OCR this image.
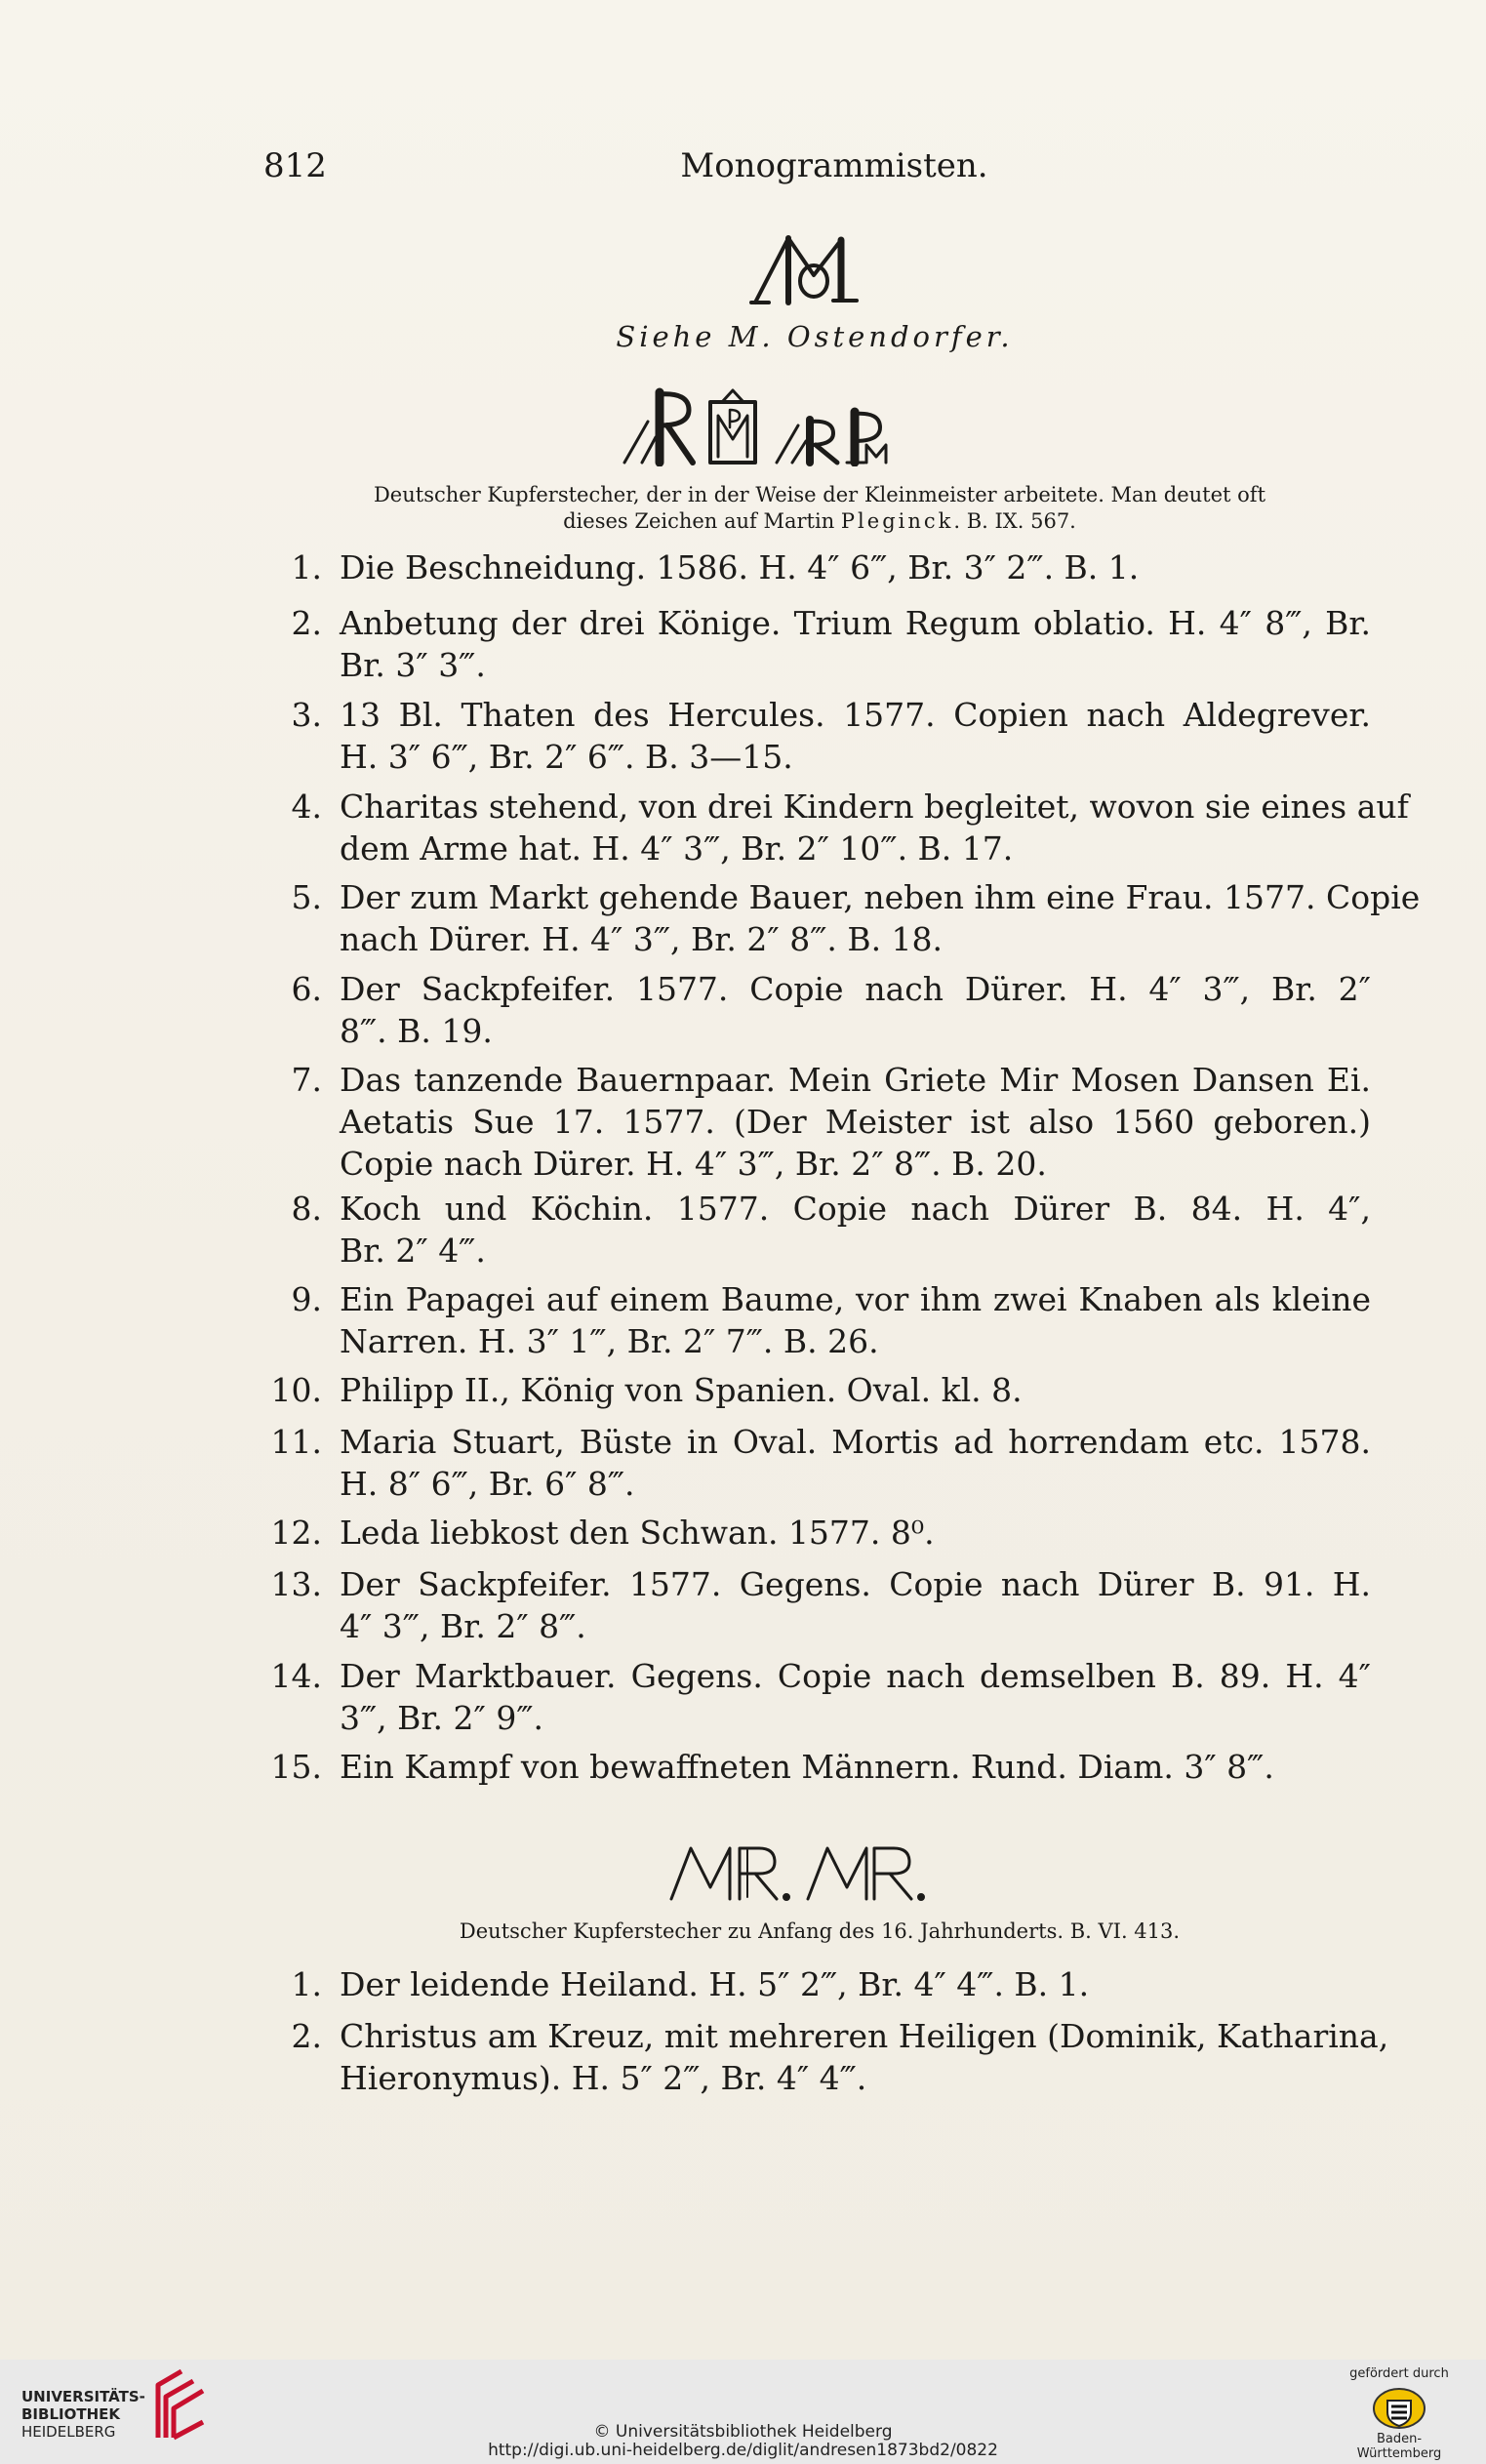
812	Monogrammisten.
Siehe M. Ostendorfer.
Deutscher Kupferstecher, der in der Weise der Kleinmeister arbeitete. Man deutet oft
dieses Zeichen auf Martin Pleginck. B. IX. 567.
1. Die Beschneidung. 1586. H. 4″ 6‴, Br. 3″ 2‴. B. 1.
2. Anbetung der drei Könige. Trium Regum oblatio. H. 4″ 8‴, Br.
Br. 3″ 3‴.
3. 13 Bl. Thaten des Hercules. 1577. Copien nach Aldegrever.
H. 3″ 6‴, Br. 2″ 6‴. B. 3—15.
4. Charitas stehend, von drei Kindern begleitet, wovon sie eines auf
dem Arme hat. H. 4″ 3‴, Br. 2″ 10‴. B. 17.
5. Der zum Markt gehende Bauer, neben ihm eine Frau. 1577. Copie
nach Dürer. H. 4″ 3‴, Br. 2″ 8‴. B. 18.
6. Der Sackpfeifer. 1577. Copie nach Dürer. H. 4″ 3‴, Br. 2″
8‴. B. 19.
7. Das tanzende Bauernpaar. Mein Griete Mir Mosen Dansen Ei.
Aetatis Sue 17. 1577. (Der Meister ist also 1560 geboren.)
Copie nach Dürer. H. 4″ 3‴, Br. 2″ 8‴. B. 20.
8. Koch und Köchin. 1577. Copie nach Dürer B. 84. H. 4″,
Br. 2″ 4‴.
9. Ein Papagei auf einem Baume, vor ihm zwei Knaben als kleine
Narren. H. 3″ 1‴, Br. 2″ 7‴. B. 26.
10. Philipp II., König von Spanien. Oval. kl. 8.
11. Maria Stuart, Büste in Oval. Mortis ad horrendam etc. 1578.
H. 8″ 6‴, Br. 6″ 8‴.
12. Leda liebkost den Schwan. 1577. 8⁰.
13. Der Sackpfeifer. 1577. Gegens. Copie nach Dürer B. 91. H.
4″ 3‴, Br. 2″ 8‴.
14. Der Marktbauer. Gegens. Copie nach demselben B. 89. H. 4″
3‴, Br. 2″ 9‴.
15. Ein Kampf von bewaffneten Männern. Rund. Diam. 3″ 8‴.
Deutscher Kupferstecher zu Anfang des 16. Jahrhunderts. B. VI. 413.
1. Der leidende Heiland. H. 5″ 2‴, Br. 4″ 4‴. B. 1.
2. Christus am Kreuz, mit mehreren Heiligen (Dominik, Katharina,
Hieronymus). H. 5″ 2‴, Br. 4″ 4‴.
UNIVERSITÄTS-
BIBLIOTHEK
HEIDELBERG	© Universitätsbibliothek Heidelberg
http://digi.ub.uni-heidelberg.de/diglit/andresen1873bd2/0822
gefördert durch
Baden-Württemberg
